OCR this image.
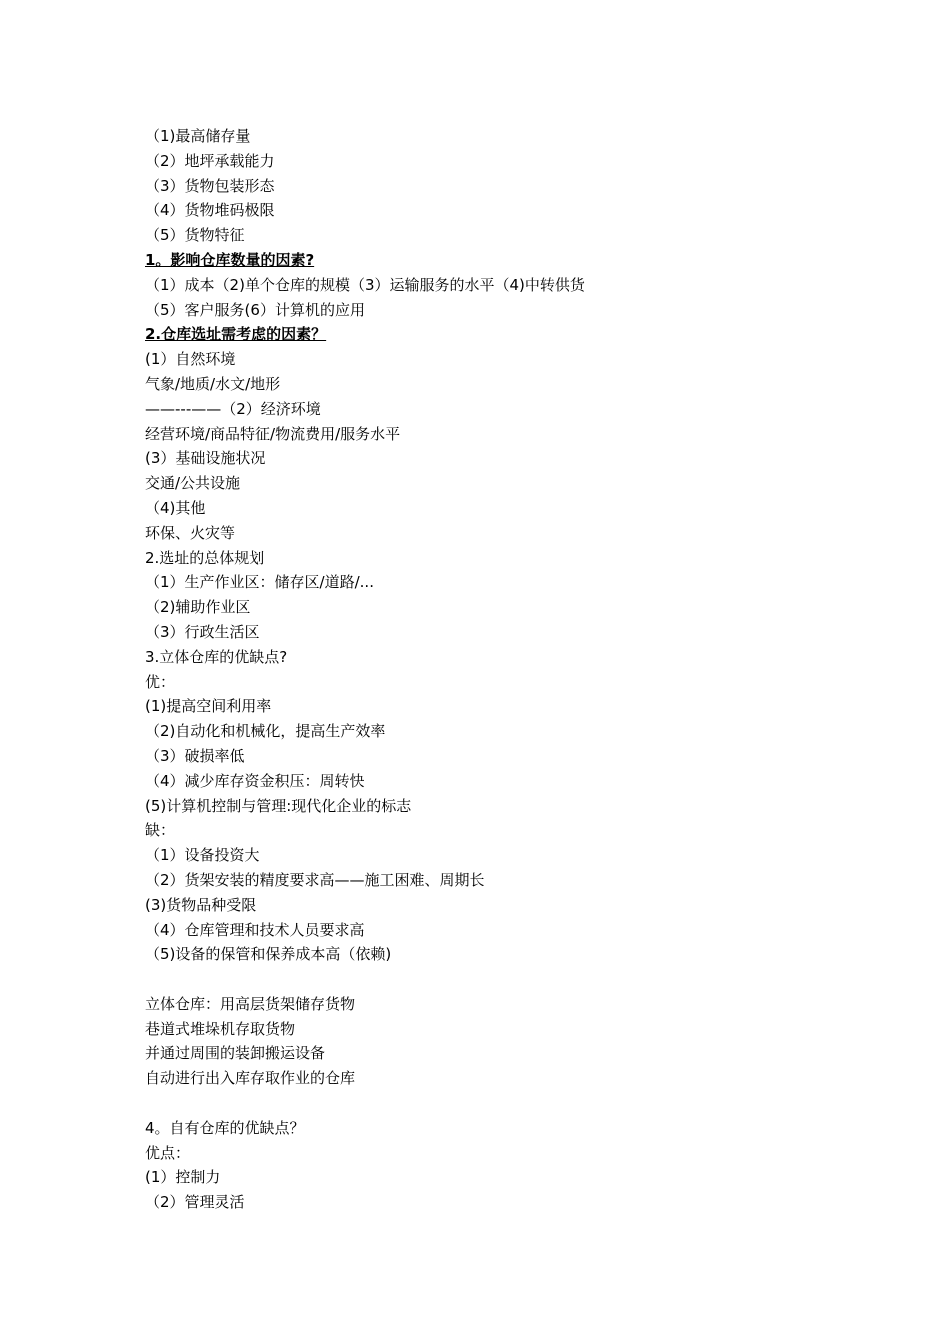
（1)最高储存量
（2）地坪承载能力
（3）货物包装形态
（4）货物堆码极限
（5）货物特征
1。影响仓库数量的因素?
（1）成本（2)单个仓库的规模（3）运输服务的水平（4)中转供货
（5）客户服务(6）计算机的应用
2.仓库选址需考虑的因素？
(1）自然环境
气象/地质/水文/地形
——---——（2）经济环境
经营环境/商品特征/物流费用/服务水平
(3）基础设施状况
交通/公共设施
（4)其他
环保、火灾等
2.选址的总体规划
（1）生产作业区：储存区/道路/...
（2)辅助作业区
（3）行政生活区
3.立体仓库的优缺点?
优：
(1)提高空间利用率
（2)自动化和机械化，提高生产效率
（3）破损率低
（4）减少库存资金积压：周转快
(5)计算机控制与管理:现代化企业的标志
缺：
（1）设备投资大
（2）货架安装的精度要求高——施工困难、周期长
(3)货物品种受限
（4）仓库管理和技术人员要求高
（5)设备的保管和保养成本高（依赖)
立体仓库：用高层货架储存货物
巷道式堆垛机存取货物
并通过周围的装卸搬运设备
自动进行出入库存取作业的仓库
4。自有仓库的优缺点？
优点：
(1）控制力
（2）管理灵活
